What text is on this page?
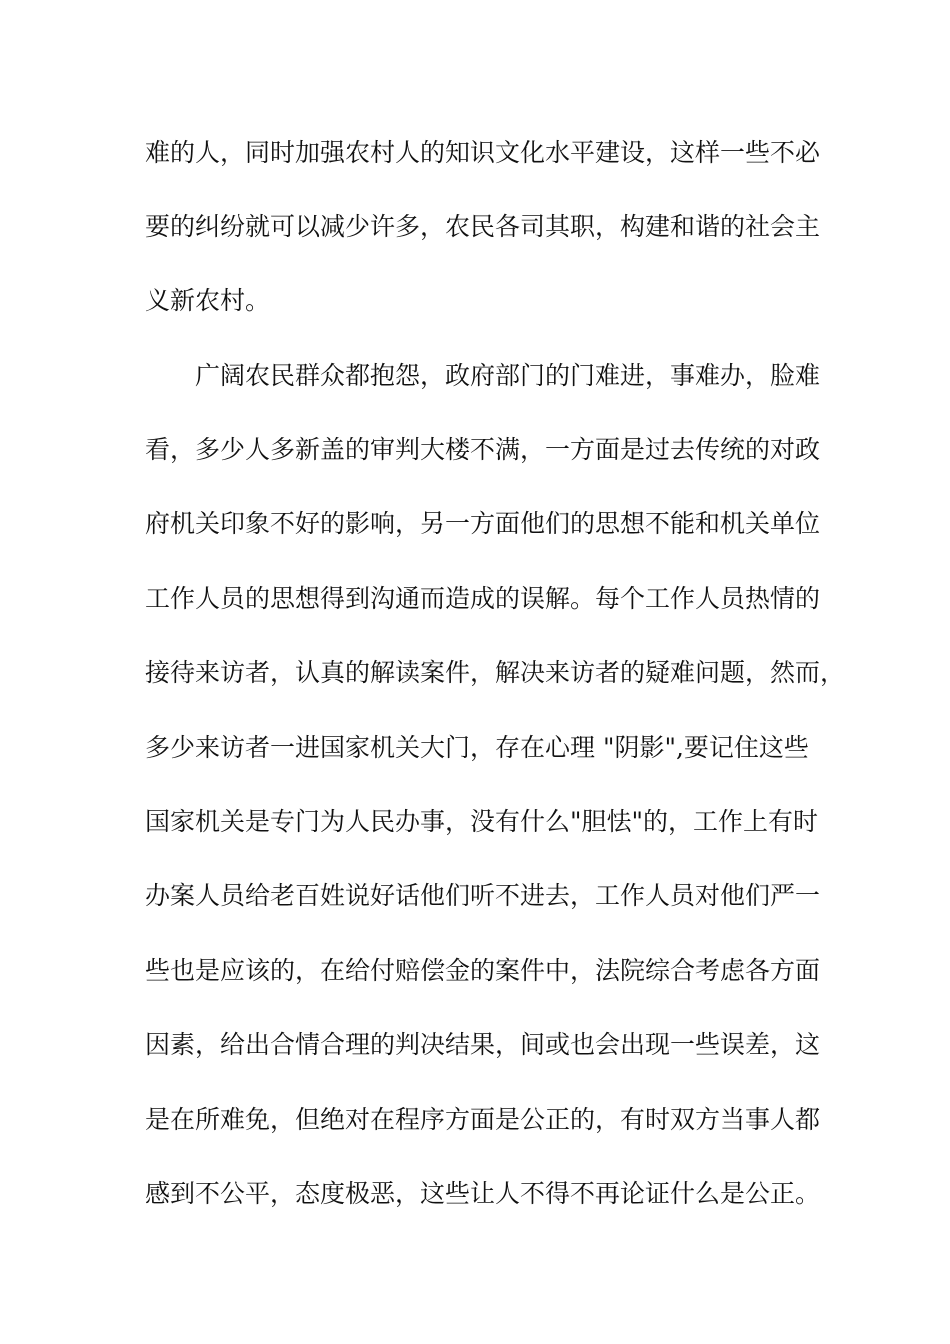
难的人，同时加强农村人的知识文化水平建设，这样一些不必
要的纠纷就可以减少许多，农民各司其职，构建和谐的社会主
义新农村。
广阔农民群众都抱怨，政府部门的门难进，事难办，脸难
看，多少人多新盖的审判大楼不满，一方面是过去传统的对政
府机关印象不好的影响，另一方面他们的思想不能和机关单位
工作人员的思想得到沟通而造成的误解。每个工作人员热情的
接待来访者，认真的解读案件，解决来访者的疑难问题，然而，
多少来访者一进国家机关大门，存在心理 "阴影",要记住这些
国家机关是专门为人民办事，没有什么"胆怯"的，工作上有时
办案人员给老百姓说好话他们听不进去，工作人员对他们严一
些也是应该的，在给付赔偿金的案件中，法院综合考虑各方面
因素，给出合情合理的判决结果，间或也会出现一些误差，这
是在所难免，但绝对在程序方面是公正的，有时双方当事人都
感到不公平，态度极恶，这些让人不得不再论证什么是公正。
